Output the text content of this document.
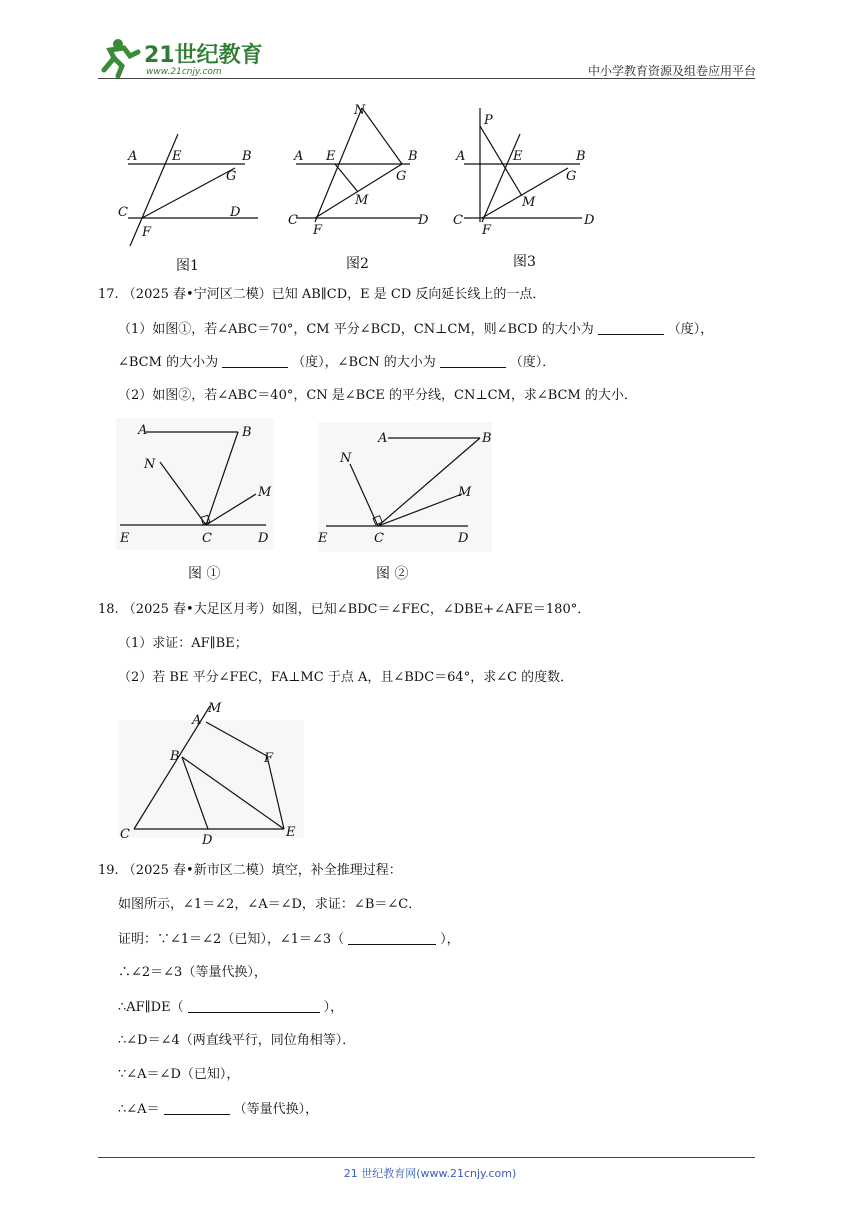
21世纪教育
www.21cnjy.com	中小学教育资源及组卷应用平台
A	E	B
G
C	D
F
图1
N
A E	B
G
M
C	D
F
图2
P
A	E	B
G
M
C	D
F
图3
17. （2025 春•宁河区二模）已知 AB∥CD，E 是 CD 反向延长线上的一点．
（1）如图①，若∠ABC＝70°，CM 平分∠BCD，CN⊥CM，则∠BCD 的大小为	（度），
∠BCM 的大小为	（度），∠BCN 的大小为	（度）．
（2）如图②，若∠ABC＝40°，CN 是∠BCE 的平分线，CN⊥CM，求∠BCM 的大小．
A	B
N
M
E	C	D
图 ①
A	B
N
M
E	C	D
图 ②
18. （2025 春•大足区月考）如图，已知∠BDC＝∠FEC，∠DBE+∠AFE＝180°．
（1）求证：AF∥BE；
（2）若 BE 平分∠FEC，FA⊥MC 于点 A，且∠BDC＝64°，求∠C 的度数．
M
A
B	F
C	D
E
19. （2025 春•新市区二模）填空，补全推理过程：
如图所示，∠1＝∠2，∠A＝∠D，求证：∠B＝∠C．
证明：∵∠1＝∠2（已知），∠1＝∠3（	），
∴∠2＝∠3（等量代换），
∴AF∥DE（	），
∴∠D＝∠4（两直线平行，同位角相等）．
∵∠A＝∠D（已知），
∴∠A＝	（等量代换），
21 世纪教育网(www.21cnjy.com)
